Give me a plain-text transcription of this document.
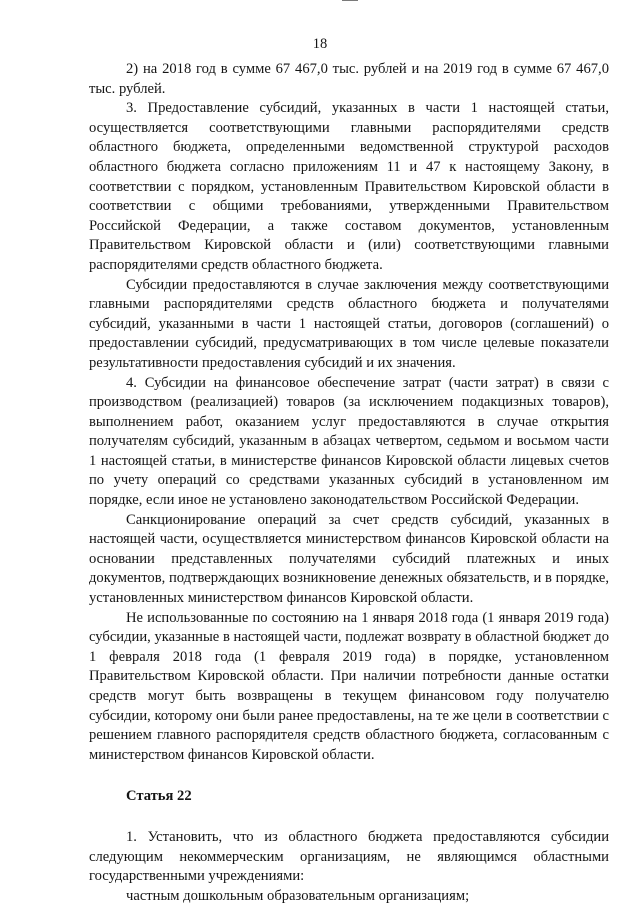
18

2) на 2018 год в сумме 67 467,0 тыс. рублей и на 2019 год в сумме 67 467,0 тыс. рублей.

3. Предоставление субсидий, указанных в части 1 настоящей статьи, осуществляется соответствующими главными распорядителями средств областного бюджета, определенными ведомственной структурой расходов областного бюджета согласно приложениям 11 и 47 к настоящему Закону, в соответствии с порядком, установленным Правительством Кировской области в соответствии с общими требованиями, утвержденными Правительством Российской Федерации, а также составом документов, установленным Правительством Кировской области и (или) соответствующими главными распорядителями средств областного бюджета.

Субсидии предоставляются в случае заключения между соответствующими главными распорядителями средств областного бюджета и получателями субсидий, указанными в части 1 настоящей статьи, договоров (соглашений) о предоставлении субсидий, предусматривающих в том числе целевые показатели результативности предоставления субсидий и их значения.

4. Субсидии на финансовое обеспечение затрат (части затрат) в связи с производством (реализацией) товаров (за исключением подакцизных товаров), выполнением работ, оказанием услуг предоставляются в случае открытия получателям субсидий, указанным в абзацах четвертом, седьмом и восьмом части 1 настоящей статьи, в министерстве финансов Кировской области лицевых счетов по учету операций со средствами указанных субсидий в установленном им порядке, если иное не установлено законодательством Российской Федерации.

Санкционирование операций за счет средств субсидий, указанных в настоящей части, осуществляется министерством финансов Кировской области на основании представленных получателями субсидий платежных и иных документов, подтверждающих возникновение денежных обязательств, и в порядке, установленных министерством финансов Кировской области.

Не использованные по состоянию на 1 января 2018 года (1 января 2019 года) субсидии, указанные в настоящей части, подлежат возврату в областной бюджет до 1 февраля 2018 года (1 февраля 2019 года) в порядке, установленном Правительством Кировской области. При наличии потребности данные остатки средств могут быть возвращены в текущем финансовом году получателю субсидии, которому они были ранее предоставлены, на те же цели в соответствии с решением главного распорядителя средств областного бюджета, согласованным с министерством финансов Кировской области.

Статья 22

1. Установить, что из областного бюджета предоставляются субсидии следующим некоммерческим организациям, не являющимся областными государственными учреждениями:

частным дошкольным образовательным организациям;
